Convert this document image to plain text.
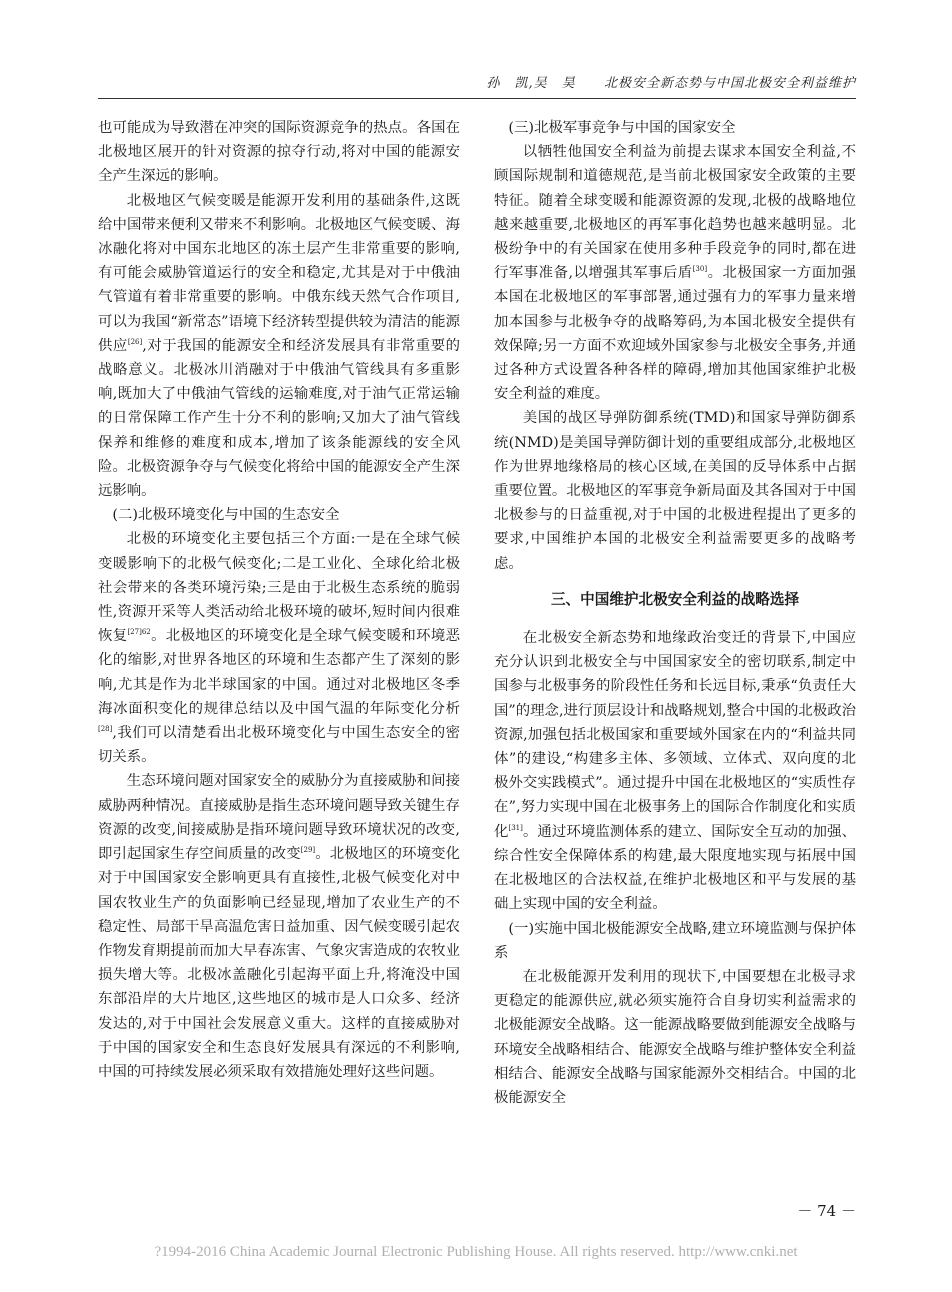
孙　凯,吴　昊 　 北极安全新态势与中国北极安全利益维护

也可能成为导致潜在冲突的国际资源竞争的热点。各国在北极地区展开的针对资源的掠夺行动,将对中国的能源安全产生深远的影响。

北极地区气候变暖是能源开发利用的基础条件,这既给中国带来便利又带来不利影响。北极地区气候变暖、海冰融化将对中国东北地区的冻土层产生非常重要的影响,有可能会威胁管道运行的安全和稳定,尤其是对于中俄油气管道有着非常重要的影响。中俄东线天然气合作项目,可以为我国“新常态”语境下经济转型提供较为清洁的能源供应[26],对于我国的能源安全和经济发展具有非常重要的战略意义。北极冰川消融对于中俄油气管线具有多重影响,既加大了中俄油气管线的运输难度,对于油气正常运输的日常保障工作产生十分不利的影响;又加大了油气管线保养和维修的难度和成本,增加了该条能源线的安全风险。北极资源争夺与气候变化将给中国的能源安全产生深远影响。

(二)北极环境变化与中国的生态安全

北极的环境变化主要包括三个方面:一是在全球气候变暖影响下的北极气候变化;二是工业化、全球化给北极社会带来的各类环境污染;三是由于北极生态系统的脆弱性,资源开采等人类活动给北极环境的破坏,短时间内很难恢复$^{[27]62}$。北极地区的环境变化是全球气候变暖和环境恶化的缩影,对世界各地区的环境和生态都产生了深刻的影响,尤其是作为北半球国家的中国。通过对北极地区冬季海冰面积变化的规律总结以及中国气温的年际变化分析[28],我们可以清楚看出北极环境变化与中国生态安全的密切关系。

生态环境问题对国家安全的威胁分为直接威胁和间接威胁两种情况。直接威胁是指生态环境问题导致关键生存资源的改变,间接威胁是指环境问题导致环境状况的改变,即引起国家生存空间质量的改变[29]。北极地区的环境变化对于中国国家安全影响更具有直接性,北极气候变化对中国农牧业生产的负面影响已经显现,增加了农业生产的不稳定性、局部干旱高温危害日益加重、因气候变暖引起农作物发育期提前而加大早春冻害、气象灾害造成的农牧业损失增大等。北极冰盖融化引起海平面上升,将淹没中国东部沿岸的大片地区,这些地区的城市是人口众多、经济发达的,对于中国社会发展意义重大。这样的直接威胁对于中国的国家安全和生态良好发展具有深远的不利影响,中国的可持续发展必须采取有效措施处理好这些问题。

(三)北极军事竞争与中国的国家安全

以牺牲他国安全利益为前提去谋求本国安全利益,不顾国际规制和道德规范,是当前北极国家安全政策的主要特征。随着全球变暖和能源资源的发现,北极的战略地位越来越重要,北极地区的再军事化趋势也越来越明显。北极纷争中的有关国家在使用多种手段竞争的同时,都在进行军事准备,以增强其军事后盾[30]。北极国家一方面加强本国在北极地区的军事部署,通过强有力的军事力量来增加本国参与北极争夺的战略筹码,为本国北极安全提供有效保障;另一方面不欢迎域外国家参与北极安全事务,并通过各种方式设置各种各样的障碍,增加其他国家维护北极安全利益的难度。

美国的战区导弹防御系统(TMD)和国家导弹防御系统(NMD)是美国导弹防御计划的重要组成部分,北极地区作为世界地缘格局的核心区域,在美国的反导体系中占据重要位置。北极地区的军事竞争新局面及其各国对于中国北极参与的日益重视,对于中国的北极进程提出了更多的要求,中国维护本国的北极安全利益需要更多的战略考虑。

三、中国维护北极安全利益的战略选择

在北极安全新态势和地缘政治变迁的背景下,中国应充分认识到北极安全与中国国家安全的密切联系,制定中国参与北极事务的阶段性任务和长远目标,秉承“负责任大国”的理念,进行顶层设计和战略规划,整合中国的北极政治资源,加强包括北极国家和重要域外国家在内的“利益共同体”的建设,“构建多主体、多领域、立体式、双向度的北极外交实践模式”。通过提升中国在北极地区的“实质性存在”,努力实现中国在北极事务上的国际合作制度化和实质化[31]。通过环境监测体系的建立、国际安全互动的加强、综合性安全保障体系的构建,最大限度地实现与拓展中国在北极地区的合法权益,在维护北极地区和平与发展的基础上实现中国的安全利益。

(一)实施中国北极能源安全战略,建立环境监测与保护体系

在北极能源开发利用的现状下,中国要想在北极寻求更稳定的能源供应,就必须实施符合自身切实利益需求的北极能源安全战略。这一能源战略要做到能源安全战略与环境安全战略相结合、能源安全战略与维护整体安全利益相结合、能源安全战略与国家能源外交相结合。中国的北极能源安全

－ 74 －
?1994-2016 China Academic Journal Electronic Publishing House. All rights reserved. http://www.cnki.net
